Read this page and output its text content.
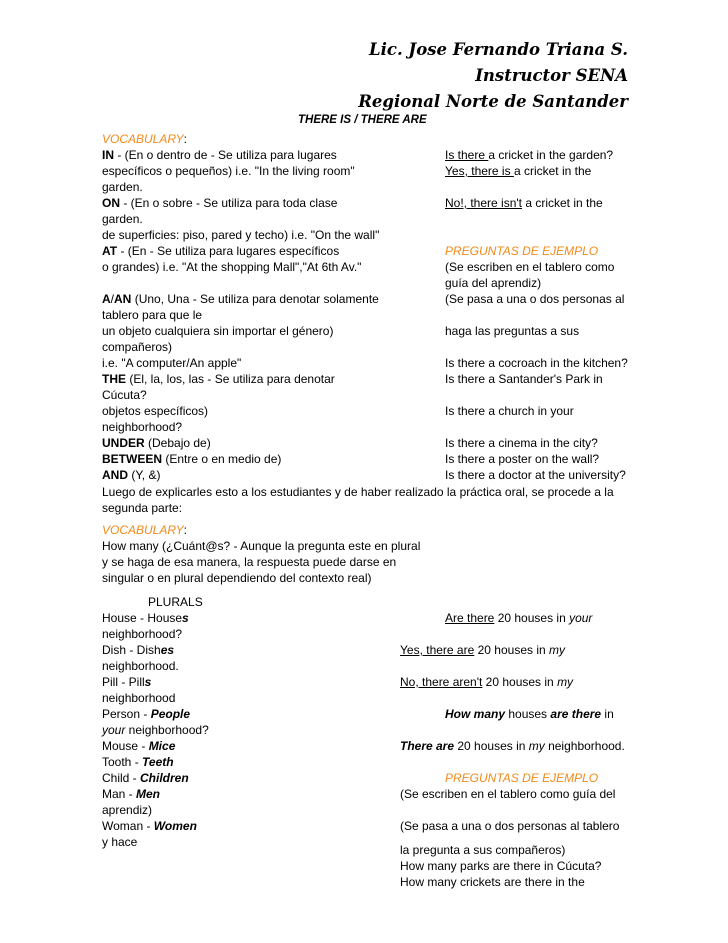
Lic. Jose Fernando Triana S.
Instructor SENA
Regional Norte de Santander
THERE IS / THERE ARE
VOCABULARY:
IN - (En o dentro de - Se utiliza para lugares
específicos o pequeños) i.e. "In the living room"
garden.
ON - (En o sobre - Se utiliza para toda clase
garden.
de superficies: piso, pared y techo) i.e. "On the wall"
AT - (En - Se utiliza para lugares específicos
o grandes) i.e. "At the shopping Mall","At 6th Av."
A/AN (Uno, Una - Se utiliza para denotar solamente
tablero para que le
un objeto cualquiera sin importar el género)
compañeros)
i.e. "A computer/An apple"
THE (El, la, los, las - Se utiliza para denotar
Cúcuta?
objetos específicos)
neighborhood?
UNDER (Debajo de)
BETWEEN (Entre o en medio de)
AND (Y, &)
Is there a cricket in the garden?
Yes, there is a cricket in the
No!, there isn't a cricket in the
PREGUNTAS DE EJEMPLO
(Se escriben en el tablero como
guía del aprendiz)
(Se pasa a una o dos personas al
haga las preguntas a sus
Is there a cocroach in the kitchen?
Is there a Santander's Park in
Is there a church in your
Is there a cinema in the city?
Is there a poster on the wall?
Is there a doctor at the university?
Luego de explicarles esto a los estudiantes y de haber realizado la práctica oral, se procede a la
segunda parte:
VOCABULARY:
How many (¿Cuánt@s? - Aunque la pregunta este en plural
y se haga de esa manera, la respuesta puede darse en
singular o en plural dependiendo del contexto real)
PLURALS
House - Houses
neighborhood?
Dish - Dishes
neighborhood.
Pill - Pills
neighborhood
Person - People
your neighborhood?
Mouse - Mice
Tooth - Teeth
Child - Children
Man - Men
aprendiz)
Woman - Women
y hace
Are there 20 houses in your
Yes, there are 20 houses in my
No, there aren't 20 houses in my
How many houses are there in
There are 20 houses in my neighborhood.
PREGUNTAS DE EJEMPLO
(Se escriben en el tablero como guía del
(Se pasa a una o dos personas al tablero
la pregunta a sus compañeros)
How many parks are there in Cúcuta?
How many crickets are there in the
